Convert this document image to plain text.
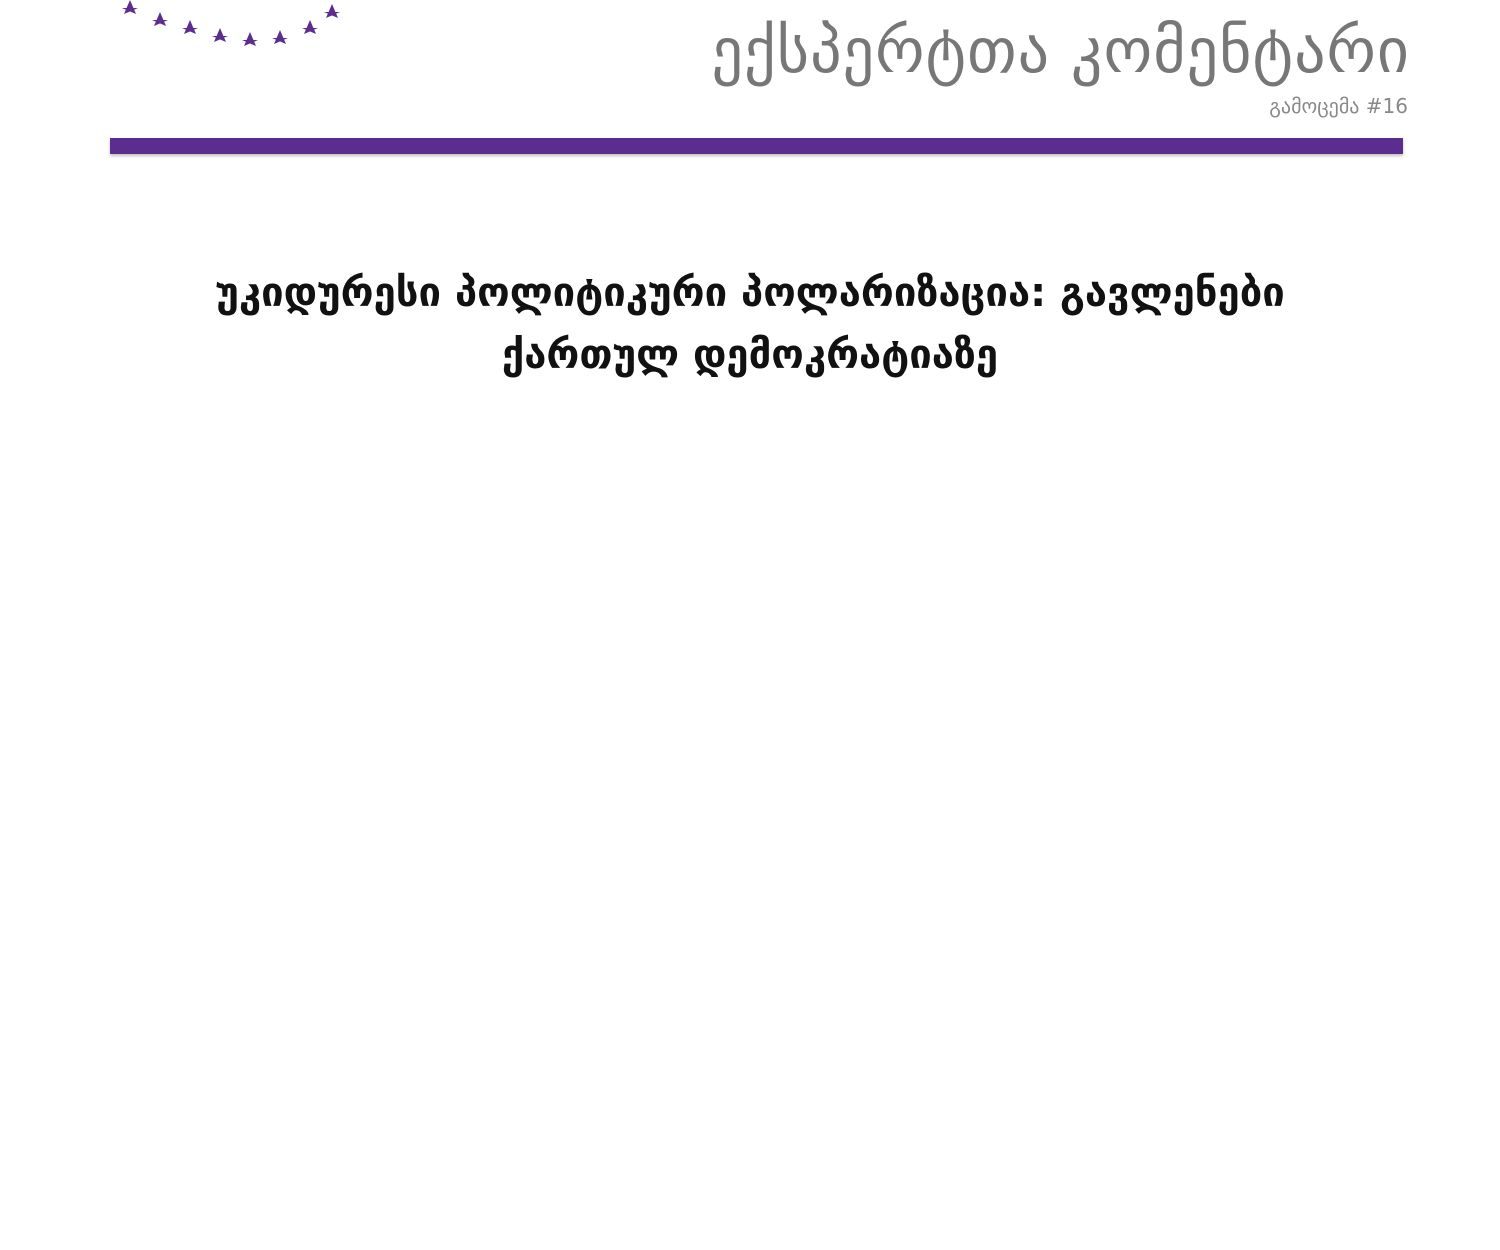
ექსპერტთა კომენტარი
გამოცემა #16
უკიდურესი პოლიტიკური პოლარიზაცია: გავლენები
ქართულ დემოკრატიაზე
